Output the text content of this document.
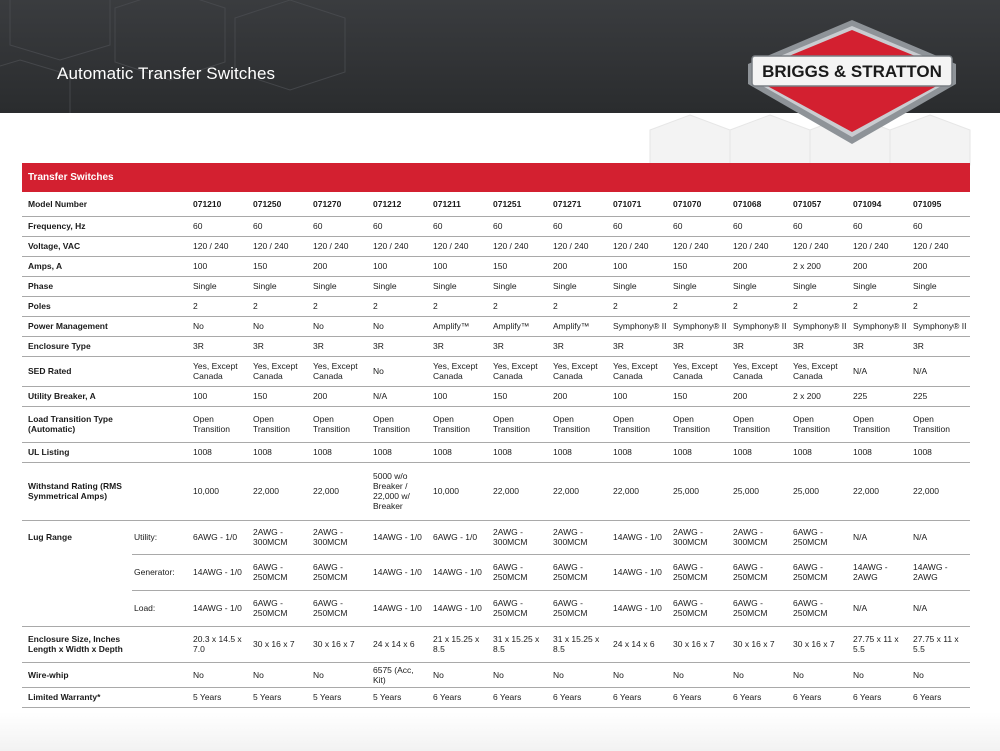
Automatic Transfer Switches	BRIGGS & STRATTON
Transfer Switches
Model Number		071210	071250	071270	071212	071211	071251	071271	071071	071070	071068	071057	071094	071095
Frequency, Hz		60	60	60	60	60	60	60	60	60	60	60	60	60
Voltage, VAC		120 / 240	120 / 240	120 / 240	120 / 240	120 / 240	120 / 240	120 / 240	120 / 240	120 / 240	120 / 240	120 / 240	120 / 240	120 / 240
Amps, A		100	150	200	100	100	150	200	100	150	200	2 x 200	200	200
Phase		Single	Single	Single	Single	Single	Single	Single	Single	Single	Single	Single	Single	Single
Poles		2	2	2	2	2	2	2	2	2	2	2	2	2
Power Management		No	No	No	No	Amplify™	Amplify™	Amplify™	Symphony® II	Symphony® II	Symphony® II	Symphony® II	Symphony® II	Symphony® II
Enclosure Type		3R	3R	3R	3R	3R	3R	3R	3R	3R	3R	3R	3R	3R
SED Rated		Yes, Except Canada	Yes, Except Canada	Yes, Except Canada	No	Yes, Except Canada	Yes, Except Canada	Yes, Except Canada	Yes, Except Canada	Yes, Except Canada	Yes, Except Canada	Yes, Except Canada	N/A	N/A
Utility Breaker, A		100	150	200	N/A	100	150	200	100	150	200	2 x 200	225	225
Load Transition Type (Automatic)		Open Transition	Open Transition	Open Transition	Open Transition	Open Transition	Open Transition	Open Transition	Open Transition	Open Transition	Open Transition	Open Transition	Open Transition	Open Transition
UL Listing		1008	1008	1008	1008	1008	1008	1008	1008	1008	1008	1008	1008	1008
Withstand Rating (RMS Symmetrical Amps)		10,000	22,000	22,000	5000 w/o Breaker / 22,000 w/ Breaker	10,000	22,000	22,000	22,000	25,000	25,000	25,000	22,000	22,000
Lug Range	Utility:	6AWG - 1/0	2AWG - 300MCM	2AWG - 300MCM	14AWG - 1/0	6AWG - 1/0	2AWG - 300MCM	2AWG - 300MCM	14AWG - 1/0	2AWG - 300MCM	2AWG - 300MCM	6AWG - 250MCM	N/A	N/A
	Generator:	14AWG - 1/0	6AWG - 250MCM	6AWG - 250MCM	14AWG - 1/0	14AWG - 1/0	6AWG - 250MCM	6AWG - 250MCM	14AWG - 1/0	6AWG - 250MCM	6AWG - 250MCM	6AWG - 250MCM	14AWG - 2AWG	14AWG - 2AWG
	Load:	14AWG - 1/0	6AWG - 250MCM	6AWG - 250MCM	14AWG - 1/0	14AWG - 1/0	6AWG - 250MCM	6AWG - 250MCM	14AWG - 1/0	6AWG - 250MCM	6AWG - 250MCM	6AWG - 250MCM	N/A	N/A
Enclosure Size, Inches Length x Width x Depth		20.3 x 14.5 x 7.0	30 x 16 x 7	30 x 16 x 7	24 x 14 x 6	21 x 15.25 x 8.5	31 x 15.25 x 8.5	31 x 15.25 x 8.5	24 x 14 x 6	30 x 16 x 7	30 x 16 x 7	30 x 16 x 7	27.75 x 11 x 5.5	27.75 x 11 x 5.5
Wire-whip		No	No	No	6575 (Acc, Kit)	No	No	No	No	No	No	No	No	No
Limited Warranty*		5 Years	5 Years	5 Years	5 Years	6 Years	6 Years	6 Years	6 Years	6 Years	6 Years	6 Years	6 Years	6 Years
